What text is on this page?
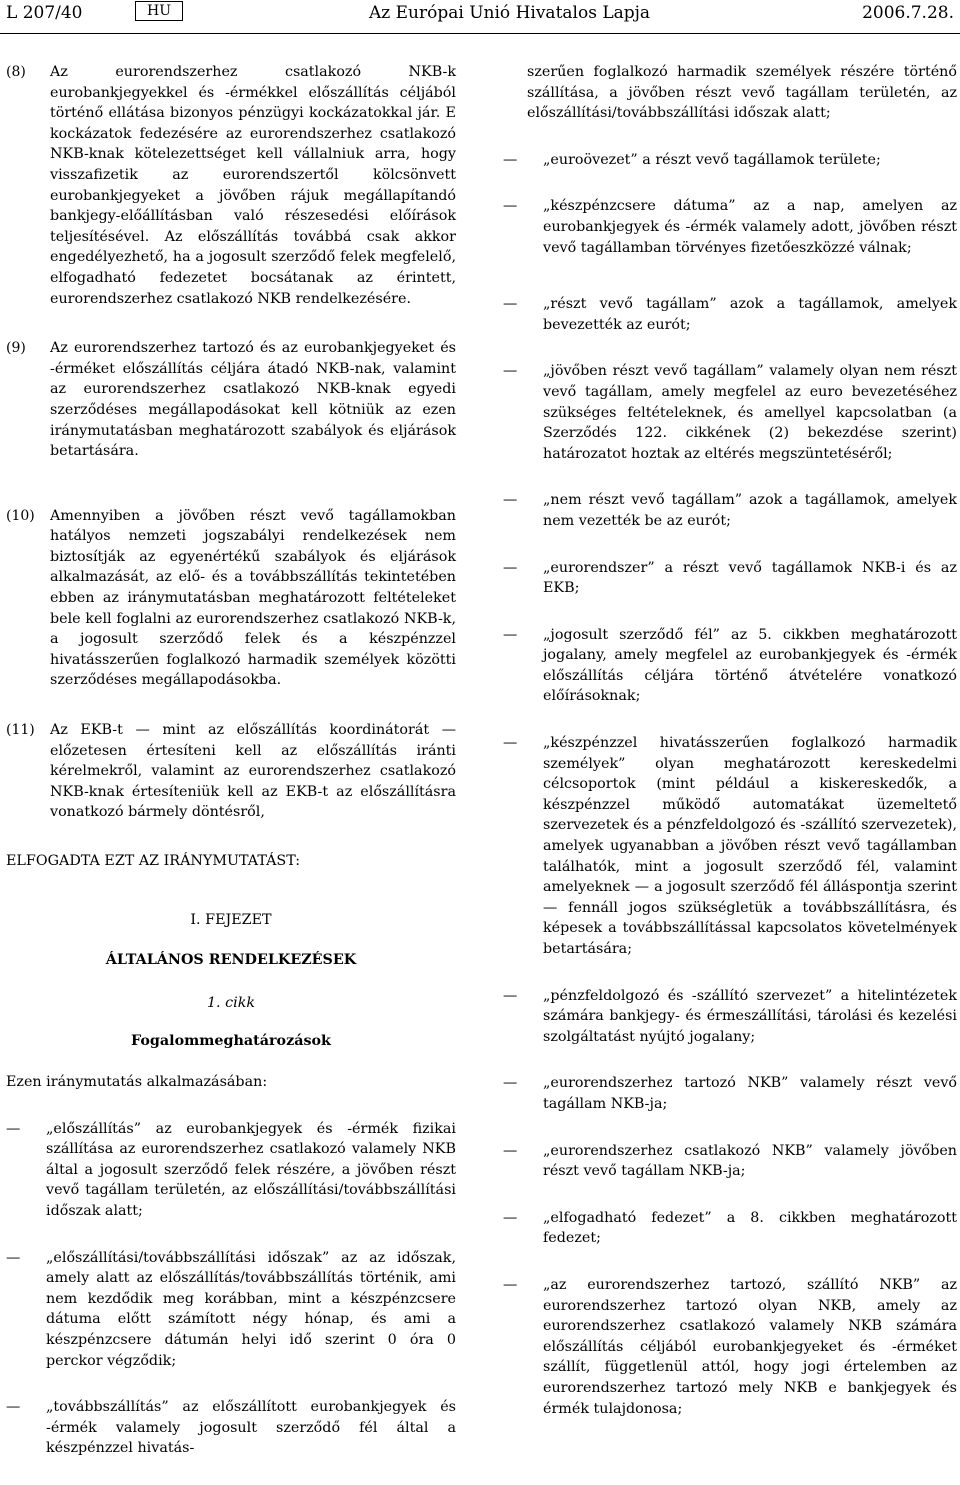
L 207/40	HU	Az Európai Unió Hivatalos Lapja	2006.7.28.
(8)	Az eurorendszerhez csatlakozó NKB-k eurobankjegyekkel és -érmékkel előszállítás céljából történő ellátása bizonyos pénzügyi kockázatokkal jár. E kockázatok fedezésére az eurorendszerhez csatlakozó NKB-knak kötelezettséget kell vállalniuk arra, hogy visszafizetik az eurorendszertől kölcsönvett eurobankjegyeket a jövőben rájuk megállapítandó bankjegy-előállításban való részesedési előírások teljesítésével. Az előszállítás továbbá csak akkor engedélyezhető, ha a jogosult szerződő felek megfelelő, elfogadható fedezetet bocsátanak az érintett, eurorendszerhez csatlakozó NKB rendelkezésére.
(9)	Az eurorendszerhez tartozó és az eurobankjegyeket és -érméket előszállítás céljára átadó NKB-nak, valamint az eurorendszerhez csatlakozó NKB-knak egyedi szerződéses megállapodásokat kell kötniük az ezen iránymutatásban meghatározott szabályok és eljárások betartására.
(10)	Amennyiben a jövőben részt vevő tagállamokban hatályos nemzeti jogszabályi rendelkezések nem biztosítják az egyenértékű szabályok és eljárások alkalmazását, az elő- és a továbbszállítás tekintetében ebben az iránymutatásban meghatározott feltételeket bele kell foglalni az eurorendszerhez csatlakozó NKB-k, a jogosult szerződő felek és a készpénzzel hivatásszerűen foglalkozó harmadik személyek közötti szerződéses megállapodásokba.
(11)	Az EKB-t — mint az előszállítás koordinátorát — előzetesen értesíteni kell az előszállítás iránti kérelmekről, valamint az eurorendszerhez csatlakozó NKB-knak értesíteniük kell az EKB-t az előszállításra vonatkozó bármely döntésről,
ELFOGADTA EZT AZ IRÁNYMUTATÁST:
I. FEJEZET
ÁLTALÁNOS RENDELKEZÉSEK
1. cikk
Fogalommeghatározások
Ezen iránymutatás alkalmazásában:
—	„előszállítás” az eurobankjegyek és -érmék fizikai szállítása az eurorendszerhez csatlakozó valamely NKB által a jogosult szerződő felek részére, a jövőben részt vevő tagállam területén, az előszállítási/továbbszállítási időszak alatt;
—	„előszállítási/továbbszállítási időszak” az az időszak, amely alatt az előszállítás/továbbszállítás történik, ami nem kezdődik meg korábban, mint a készpénzcsere dátuma előtt számított négy hónap, és ami a készpénzcsere dátumán helyi idő szerint 0 óra 0 perckor végződik;
—	„továbbszállítás” az előszállított eurobankjegyek és -érmék valamely jogosult szerződő fél által a készpénzzel hivatás-
szerűen foglalkozó harmadik személyek részére történő szállítása, a jövőben részt vevő tagállam területén, az előszállítási/továbbszállítási időszak alatt;
—	„euroövezet” a részt vevő tagállamok területe;
—	„készpénzcsere dátuma” az a nap, amelyen az eurobankjegyek és -érmék valamely adott, jövőben részt vevő tagállamban törvényes fizetőeszközzé válnak;
—	„részt vevő tagállam” azok a tagállamok, amelyek bevezették az eurót;
—	„jövőben részt vevő tagállam” valamely olyan nem részt vevő tagállam, amely megfelel az euro bevezetéséhez szükséges feltételeknek, és amellyel kapcsolatban (a Szerződés 122. cikkének (2) bekezdése szerint) határozatot hoztak az eltérés megszüntetéséről;
—	„nem részt vevő tagállam” azok a tagállamok, amelyek nem vezették be az eurót;
—	„eurorendszer” a részt vevő tagállamok NKB-i és az EKB;
—	„jogosult szerződő fél” az 5. cikkben meghatározott jogalany, amely megfelel az eurobankjegyek és -érmék előszállítás céljára történő átvételére vonatkozó előírásoknak;
—	„készpénzzel hivatásszerűen foglalkozó harmadik személyek” olyan meghatározott kereskedelmi célcsoportok (mint például a kiskereskedők, a készpénzzel működő automatákat üzemeltető szervezetek és a pénzfeldolgozó és -szállító szervezetek), amelyek ugyanabban a jövőben részt vevő tagállamban találhatók, mint a jogosult szerződő fél, valamint amelyeknek — a jogosult szerződő fél álláspontja szerint — fennáll jogos szükségletük a továbbszállításra, és képesek a továbbszállítással kapcsolatos követelmények betartására;
—	„pénzfeldolgozó és -szállító szervezet” a hitelintézetek számára bankjegy- és érmeszállítási, tárolási és kezelési szolgáltatást nyújtó jogalany;
—	„eurorendszerhez tartozó NKB” valamely részt vevő tagállam NKB-ja;
—	„eurorendszerhez csatlakozó NKB” valamely jövőben részt vevő tagállam NKB-ja;
—	„elfogadható fedezet” a 8. cikkben meghatározott fedezet;
—	„az eurorendszerhez tartozó, szállító NKB” az eurorendszerhez tartozó olyan NKB, amely az eurorendszerhez csatlakozó valamely NKB számára előszállítás céljából eurobankjegyeket és -érméket szállít, függetlenül attól, hogy jogi értelemben az eurorendszerhez tartozó mely NKB e bankjegyek és érmék tulajdonosa;
